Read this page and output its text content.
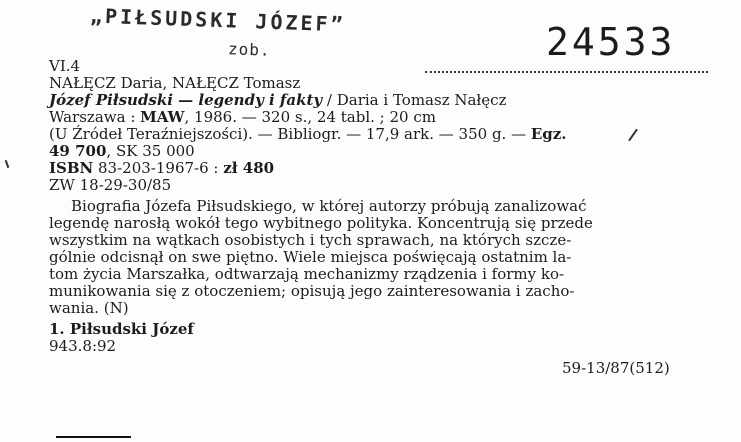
„PIŁSUDSKI JÓZEF”
zob.	24533
VI.4
NAŁĘCZ Daria, NAŁĘCZ Tomasz
Józef Piłsudski — legendy i fakty / Daria i Tomasz Nałęcz
Warszawa : MAW, 1986. — 320 s., 24 tabl. ; 20 cm
(U Źródeł Teraźniejszości). — Bibliogr. — 17,9 ark. — 350 g. — Egz.
49 700, SK 35 000
ISBN 83-203-1967-6 : zł 480
ZW 18-29-30/85
Biografia Józefa Piłsudskiego, w której autorzy próbują zanalizować
legendę narosłą wokół tego wybitnego polityka. Koncentrują się przede
wszystkim na wątkach osobistych i tych sprawach, na których szcze-
gólnie odcisnął on swe piętno. Wiele miejsca poświęcają ostatnim la-
tom życia Marszałka, odtwarzają mechanizmy rządzenia i formy ko-
munikowania się z otoczeniem; opisują jego zainteresowania i zacho-
wania. (N)
1. Piłsudski Józef
943.8:92
59-13/87(512)
